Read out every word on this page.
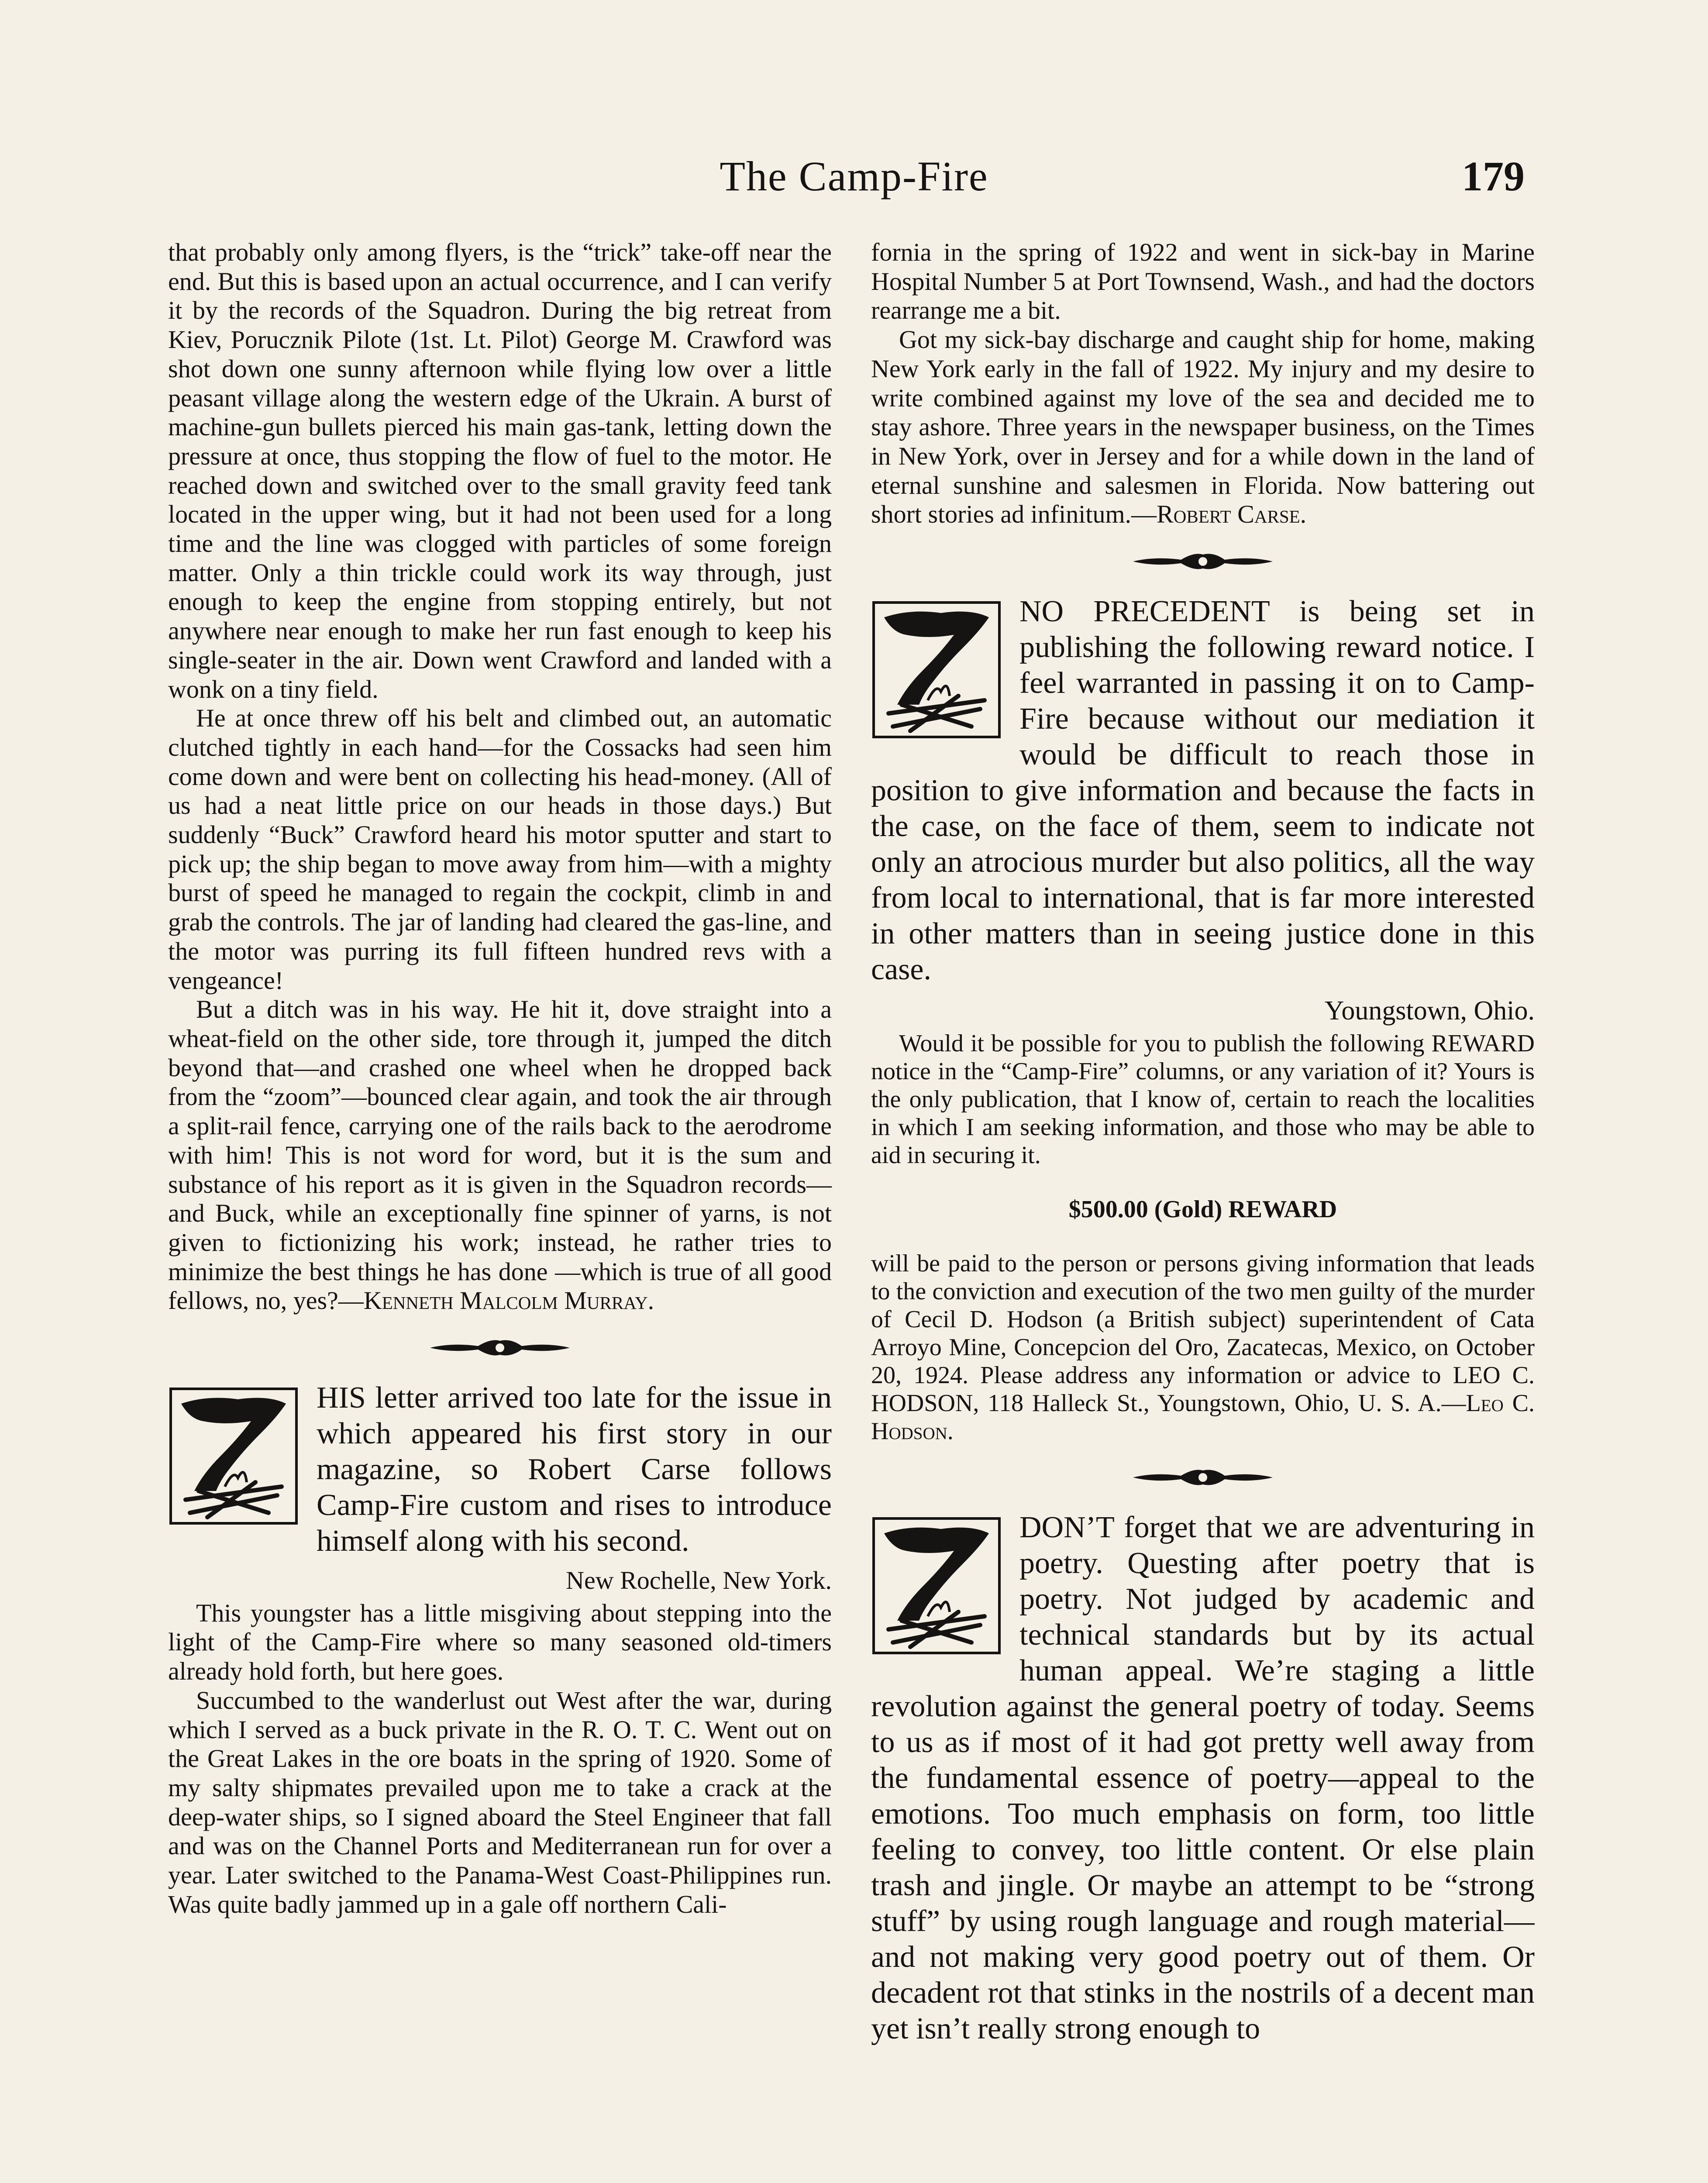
The Camp-Fire	179

that probably only among flyers, is the “trick” take-off near the end. But this is based upon an actual occurrence, and I can verify it by the records of the Squadron. During the big retreat from Kiev, Porucznik Pilote (1st. Lt. Pilot) George M. Crawford was shot down one sunny afternoon while flying low over a little peasant village along the western edge of the Ukrain. A burst of machine-gun bullets pierced his main gas-tank, letting down the pressure at once, thus stopping the flow of fuel to the motor. He reached down and switched over to the small gravity feed tank located in the upper wing, but it had not been used for a long time and the line was clogged with particles of some foreign matter. Only a thin trickle could work its way through, just enough to keep the engine from stopping entirely, but not anywhere near enough to make her run fast enough to keep his single-seater in the air. Down went Crawford and landed with a wonk on a tiny field.

He at once threw off his belt and climbed out, an automatic clutched tightly in each hand—for the Cossacks had seen him come down and were bent on collecting his head-money. (All of us had a neat little price on our heads in those days.) But suddenly “Buck” Crawford heard his motor sputter and start to pick up; the ship began to move away from him—with a mighty burst of speed he managed to regain the cockpit, climb in and grab the controls. The jar of landing had cleared the gas-line, and the motor was purring its full fifteen hundred revs with a vengeance!

But a ditch was in his way. He hit it, dove straight into a wheat-field on the other side, tore through it, jumped the ditch beyond that—and crashed one wheel when he dropped back from the “zoom”—bounced clear again, and took the air through a split-rail fence, carrying one of the rails back to the aerodrome with him! This is not word for word, but it is the sum and substance of his report as it is given in the Squadron records—and Buck, while an exceptionally fine spinner of yarns, is not given to fictionizing his work; instead, he rather tries to minimize the best things he has done —which is true of all good fellows, no, yes?—Kenneth Malcolm Murray.

HIS letter arrived too late for the issue in which appeared his first story in our magazine, so Robert Carse follows Camp-Fire custom and rises to introduce himself along with his second.

New Rochelle, New York.

This youngster has a little misgiving about stepping into the light of the Camp-Fire where so many seasoned old-timers already hold forth, but here goes.

Succumbed to the wanderlust out West after the war, during which I served as a buck private in the R. O. T. C. Went out on the Great Lakes in the ore boats in the spring of 1920. Some of my salty shipmates prevailed upon me to take a crack at the deep-water ships, so I signed aboard the Steel Engineer that fall and was on the Channel Ports and Mediterranean run for over a year. Later switched to the Panama-West Coast-Philippines run. Was quite badly jammed up in a gale off northern Cali-

fornia in the spring of 1922 and went in sick-bay in Marine Hospital Number 5 at Port Townsend, Wash., and had the doctors rearrange me a bit.

Got my sick-bay discharge and caught ship for home, making New York early in the fall of 1922. My injury and my desire to write combined against my love of the sea and decided me to stay ashore. Three years in the newspaper business, on the Times in New York, over in Jersey and for a while down in the land of eternal sunshine and salesmen in Florida. Now battering out short stories ad infinitum.—Robert Carse.

NO PRECEDENT is being set in publishing the following reward notice. I feel warranted in passing it on to Camp-Fire because without our mediation it would be difficult to reach those in position to give information and because the facts in the case, on the face of them, seem to indicate not only an atrocious murder but also politics, all the way from local to international, that is far more interested in other matters than in seeing justice done in this case.

Youngstown, Ohio.

Would it be possible for you to publish the following REWARD notice in the “Camp-Fire” columns, or any variation of it? Yours is the only publication, that I know of, certain to reach the localities in which I am seeking information, and those who may be able to aid in securing it.

$500.00 (Gold) REWARD

will be paid to the person or persons giving information that leads to the conviction and execution of the two men guilty of the murder of Cecil D. Hodson (a British subject) superintendent of Cata Arroyo Mine, Concepcion del Oro, Zacatecas, Mexico, on October 20, 1924. Please address any information or advice to LEO C. HODSON, 118 Halleck St., Youngstown, Ohio, U. S. A.—Leo C. Hodson.

DON’T forget that we are adventuring in poetry. Questing after poetry that is poetry. Not judged by academic and technical standards but by its actual human appeal. We’re staging a little revolution against the general poetry of today. Seems to us as if most of it had got pretty well away from the fundamental essence of poetry—appeal to the emotions. Too much emphasis on form, too little feeling to convey, too little content. Or else plain trash and jingle. Or maybe an attempt to be “strong stuff” by using rough language and rough material—and not making very good poetry out of them. Or decadent rot that stinks in the nostrils of a decent man yet isn’t really strong enough to
